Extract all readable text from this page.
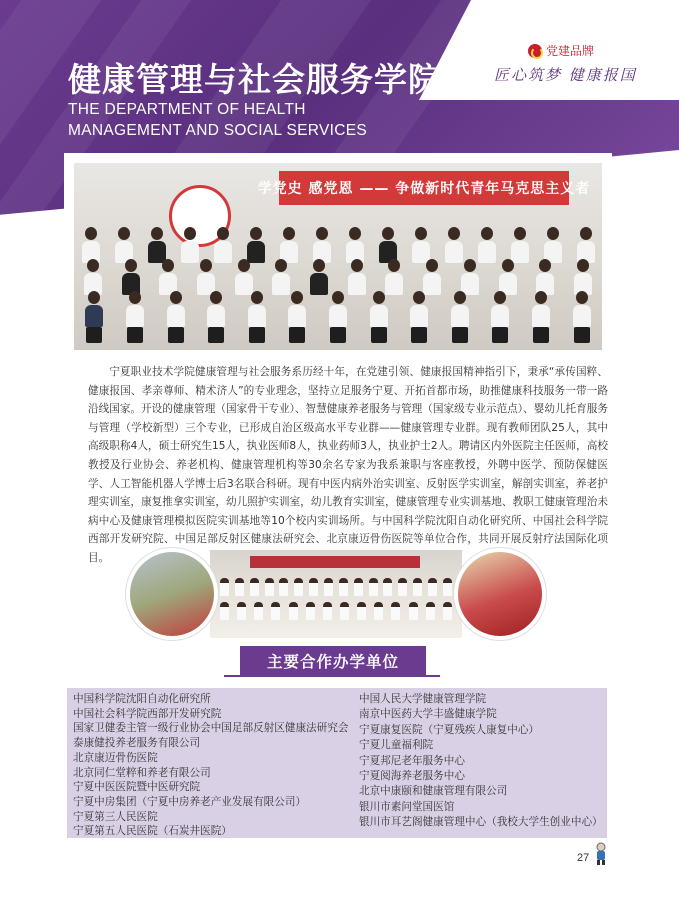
党建品牌
匠心筑梦 健康报国
健康管理与社会服务学院
THE DEPARTMENT OF HEALTH
MANAGEMENT AND SOCIAL SERVICES
学党史 感党恩 —— 争做新时代青年马克思主义者

宁夏职业技术学院健康管理与社会服务系历经十年，在党建引领、健康报国精神指引下，秉承“承传国粹、健康报国、孝亲尊师、精术济人”的专业理念，坚持立足服务宁夏、开拓首都市场，助推健康科技服务一带一路沿线国家。开设的健康管理（国家骨干专业）、智慧健康养老服务与管理（国家级专业示范点）、婴幼儿托育服务与管理（学校新型）三个专业，已形成自治区级高水平专业群——健康管理专业群。现有教师团队25人，其中高级职称4人，硕士研究生15人，执业医师8人，执业药师3人，执业护士2人。聘请区内外医院主任医师，高校教授及行业协会、养老机构、健康管理机构等30余名专家为我系兼职与客座教授，外聘中医学、预防保健医学、人工智能机器人学博士后3名联合科研。现有中医内病外治实训室、反射医学实训室，解剖实训室，养老护理实训室，康复推拿实训室，幼儿照护实训室，幼儿教育实训室，健康管理专业实训基地、教职工健康管理治未病中心及健康管理模拟医院实训基地等10个校内实训场所。与中国科学院沈阳自动化研究所、中国社会科学院西部开发研究院、中国足部反射区健康法研究会、北京康迈骨伤医院等单位合作，共同开展反射疗法国际化项目。

主要合作办学单位
中国科学院沈阳自动化研究所
中国社会科学院西部开发研究院
国家卫健委主管一级行业协会中国足部反射区健康法研究会
泰康健投养老服务有限公司
北京康迈骨伤医院
北京同仁堂粹和养老有限公司
宁夏中医医院暨中医研究院
宁夏中房集团（宁夏中房养老产业发展有限公司）
宁夏第三人民医院
宁夏第五人民医院（石炭井医院）
中国人民大学健康管理学院
南京中医药大学丰盛健康学院
宁夏康复医院（宁夏残疾人康复中心）
宁夏儿童福利院
宁夏邦尼老年服务中心
宁夏阅海养老服务中心
北京中康颐和健康管理有限公司
银川市素问堂国医馆
银川市耳艺阁健康管理中心（我校大学生创业中心）
27
